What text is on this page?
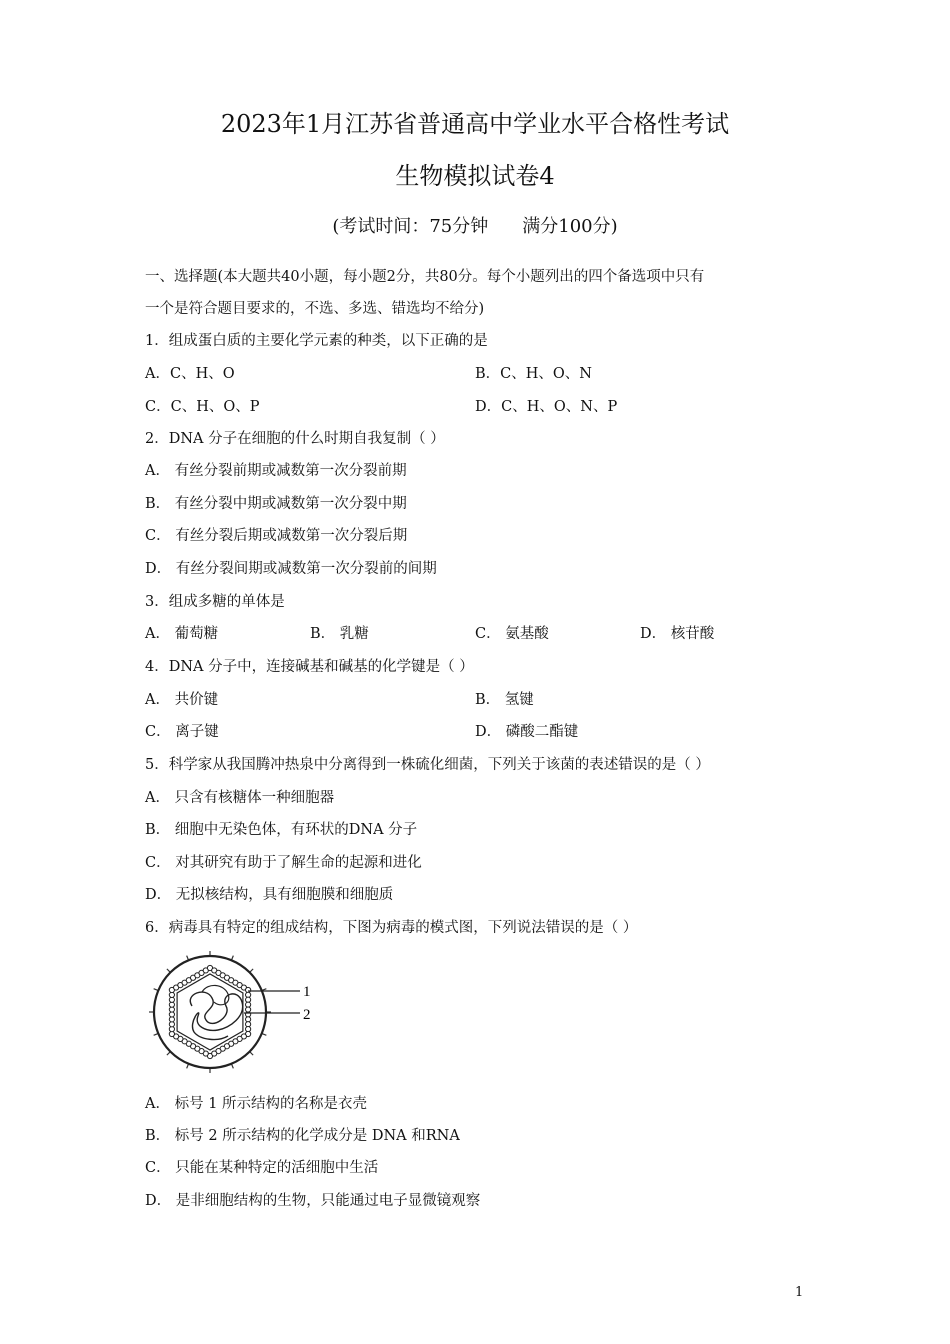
2023年1月江苏省普通高中学业水平合格性考试
生物模拟试卷4
(考试时间：75分钟 满分100分)
一、选择题(本大题共40小题，每小题2分，共80分。每个小题列出的四个备选项中只有
一个是符合题目要求的，不选、多选、错选均不给分)
1．组成蛋白质的主要化学元素的种类，以下正确的是
A．C、H、O	B．C、H、O、N
C．C、H、O、P	D．C、H、O、N、P
2．DNA 分子在细胞的什么时期自我复制（ ）
A． 有丝分裂前期或减数第一次分裂前期
B． 有丝分裂中期或减数第一次分裂中期
C． 有丝分裂后期或减数第一次分裂后期
D． 有丝分裂间期或减数第一次分裂前的间期
3．组成多糖的单体是
A． 葡萄糖	B． 乳糖	C． 氨基酸	D． 核苷酸
4．DNA 分子中，连接碱基和碱基的化学键是（ ）
A． 共价键	B． 氢键
C． 离子键	D． 磷酸二酯键
5．科学家从我国腾冲热泉中分离得到一株硫化细菌，下列关于该菌的表述错误的是（ ）
A． 只含有核糖体一种细胞器
B． 细胞中无染色体，有环状的DNA 分子
C． 对其研究有助于了解生命的起源和进化
D． 无拟核结构，具有细胞膜和细胞质
6．病毒具有特定的组成结构，下图为病毒的模式图，下列说法错误的是（ ）
1
2
A． 标号 1 所示结构的名称是衣壳
B． 标号 2 所示结构的化学成分是 DNA 和RNA
C． 只能在某种特定的活细胞中生活
D． 是非细胞结构的生物，只能通过电子显微镜观察
1
